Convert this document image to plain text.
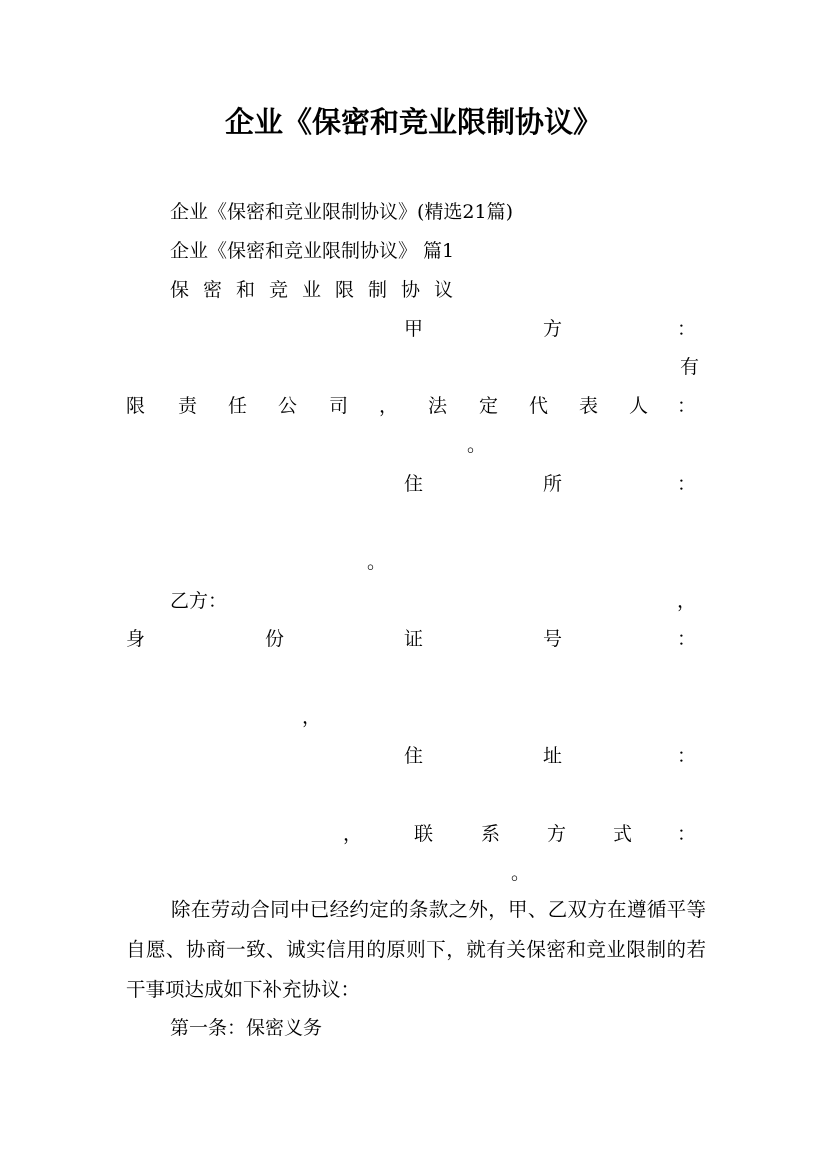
企业《保密和竞业限制协议》
企业《保密和竞业限制协议》(精选21篇)
企业《保密和竞业限制协议》 篇1
保 密 和 竞 业 限 制 协 议
甲	方	：
有
限 责 任 公 司 ， 法 定 代 表 人 ：
。
住	所	：
。
乙方：	，
身	份	证	号	：
，
住	址	：
，	联	系 方 式 ：
。
除在劳动合同中已经约定的条款之外，甲、乙双方在遵循平等自愿、协商一致、诚实信用的原则下，就有关保密和竞业限制的若干事项达成如下补充协议：
第一条：保密义务
